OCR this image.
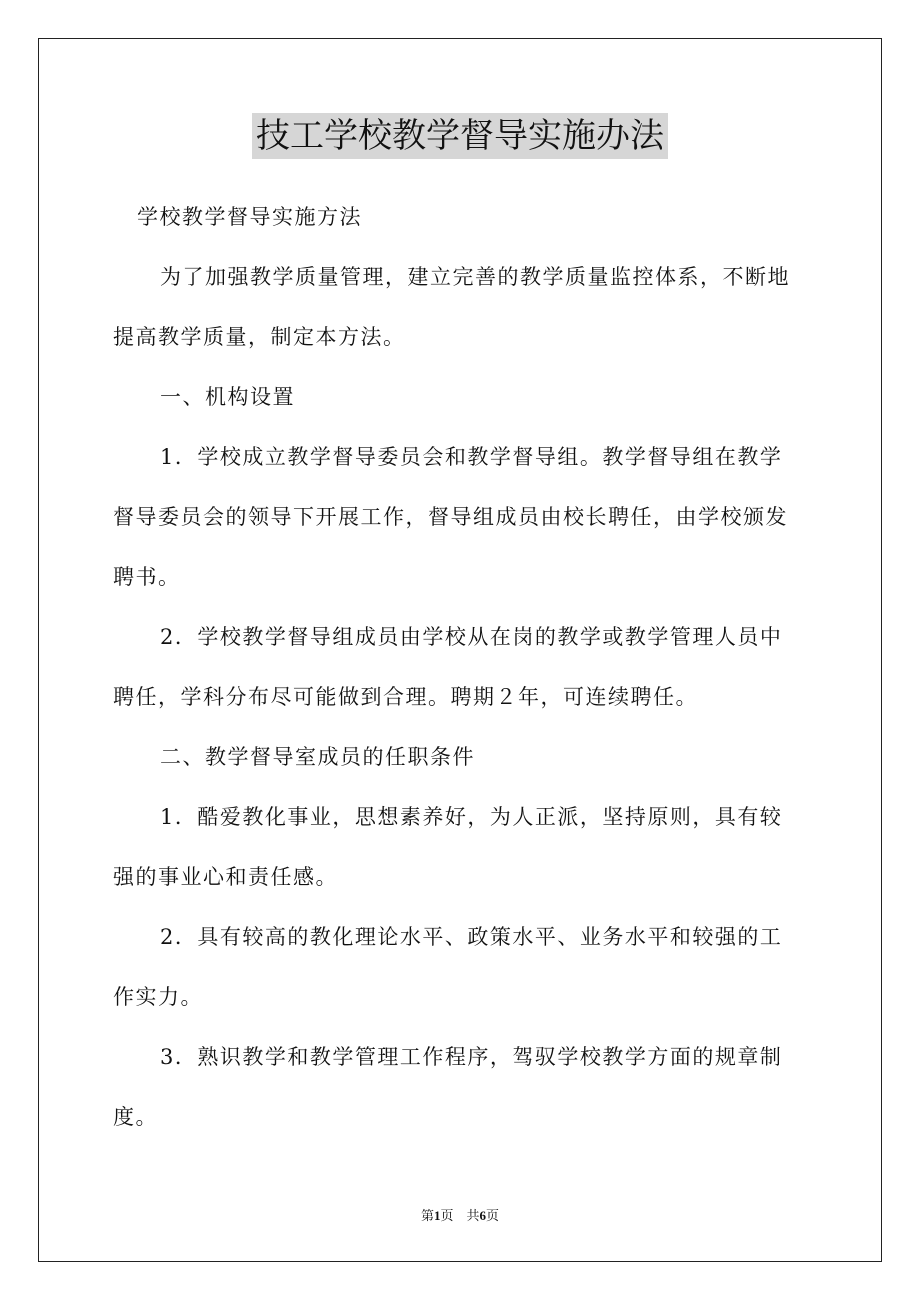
技工学校教学督导实施办法

学校教学督导实施方法

为了加强教学质量管理，建立完善的教学质量监控体系，不断地

提高教学质量，制定本方法。

一、机构设置

1．学校成立教学督导委员会和教学督导组。教学督导组在教学

督导委员会的领导下开展工作，督导组成员由校长聘任，由学校颁发

聘书。

2．学校教学督导组成员由学校从在岗的教学或教学管理人员中

聘任，学科分布尽可能做到合理。聘期２年，可连续聘任。

二、教学督导室成员的任职条件

1．酷爱教化事业，思想素养好，为人正派，坚持原则，具有较

强的事业心和责任感。

2．具有较高的教化理论水平、政策水平、业务水平和较强的工

作实力。

3．熟识教学和教学管理工作程序，驾驭学校教学方面的规章制

度。

第1页　共6页
